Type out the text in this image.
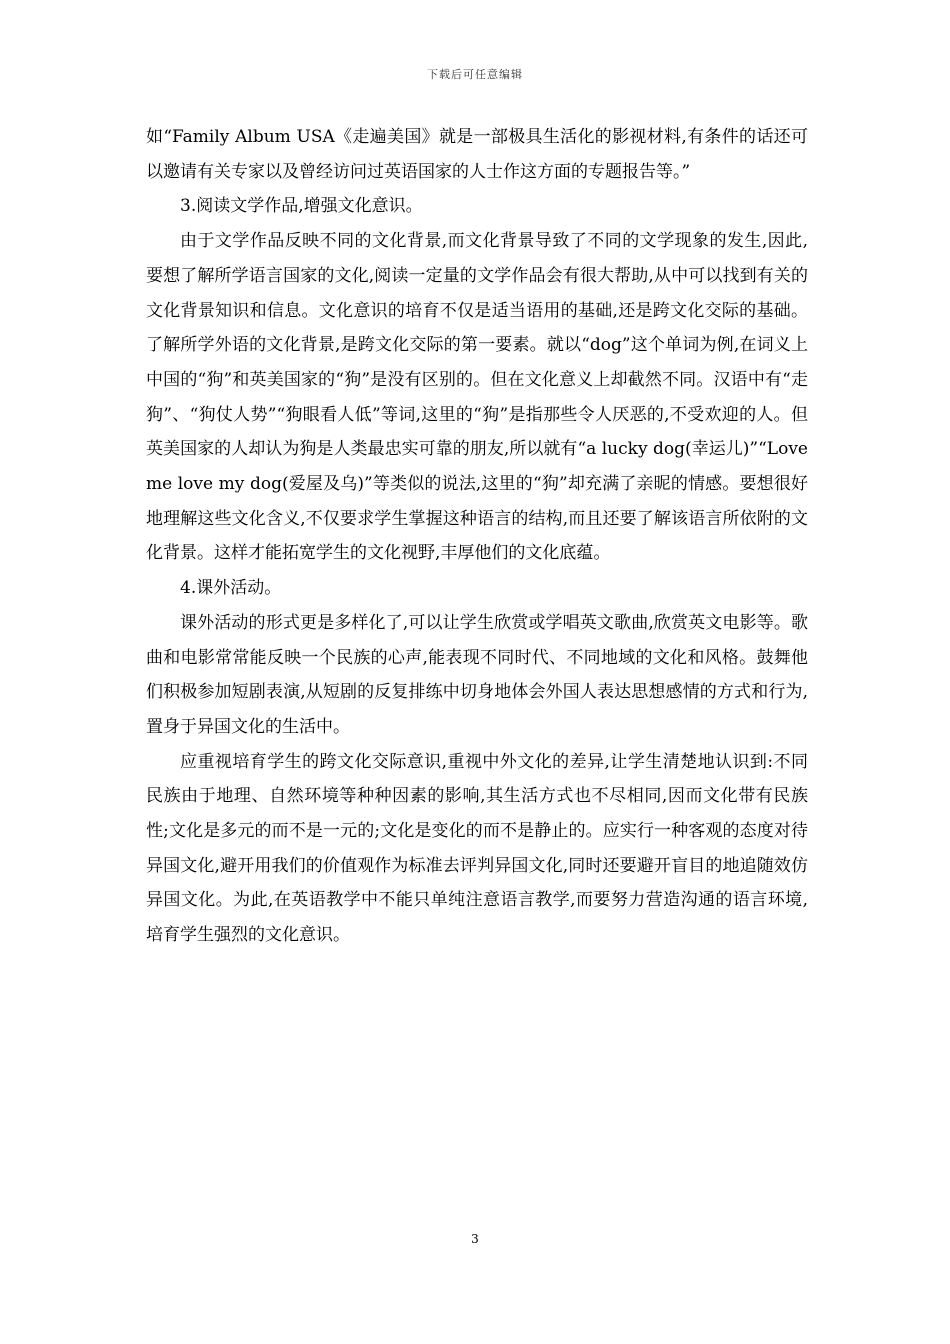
下载后可任意编辑

如“Family Album USA《走遍美国》就是一部极具生活化的影视材料,有条件的话还可以邀请有关专家以及曾经访问过英语国家的人士作这方面的专题报告等。”

3.阅读文学作品,增强文化意识。

由于文学作品反映不同的文化背景,而文化背景导致了不同的文学现象的发生,因此,要想了解所学语言国家的文化,阅读一定量的文学作品会有很大帮助,从中可以找到有关的文化背景知识和信息。文化意识的培育不仅是适当语用的基础,还是跨文化交际的基础。了解所学外语的文化背景,是跨文化交际的第一要素。就以“dog”这个单词为例,在词义上中国的“狗”和英美国家的“狗”是没有区别的。但在文化意义上却截然不同。汉语中有“走狗”、“狗仗人势”“狗眼看人低”等词,这里的“狗”是指那些令人厌恶的,不受欢迎的人。但英美国家的人却认为狗是人类最忠实可靠的朋友,所以就有“a lucky dog(幸运儿)”“Love me love my dog(爱屋及乌)”等类似的说法,这里的“狗”却充满了亲昵的情感。要想很好地理解这些文化含义,不仅要求学生掌握这种语言的结构,而且还要了解该语言所依附的文化背景。这样才能拓宽学生的文化视野,丰厚他们的文化底蕴。

4.课外活动。

课外活动的形式更是多样化了,可以让学生欣赏或学唱英文歌曲,欣赏英文电影等。歌曲和电影常常能反映一个民族的心声,能表现不同时代、不同地域的文化和风格。鼓舞他们积极参加短剧表演,从短剧的反复排练中切身地体会外国人表达思想感情的方式和行为,置身于异国文化的生活中。

应重视培育学生的跨文化交际意识,重视中外文化的差异,让学生清楚地认识到:不同民族由于地理、自然环境等种种因素的影响,其生活方式也不尽相同,因而文化带有民族性;文化是多元的而不是一元的;文化是变化的而不是静止的。应实行一种客观的态度对待异国文化,避开用我们的价值观作为标准去评判异国文化,同时还要避开盲目的地追随效仿异国文化。为此,在英语教学中不能只单纯注意语言教学,而要努力营造沟通的语言环境,培育学生强烈的文化意识。

3
